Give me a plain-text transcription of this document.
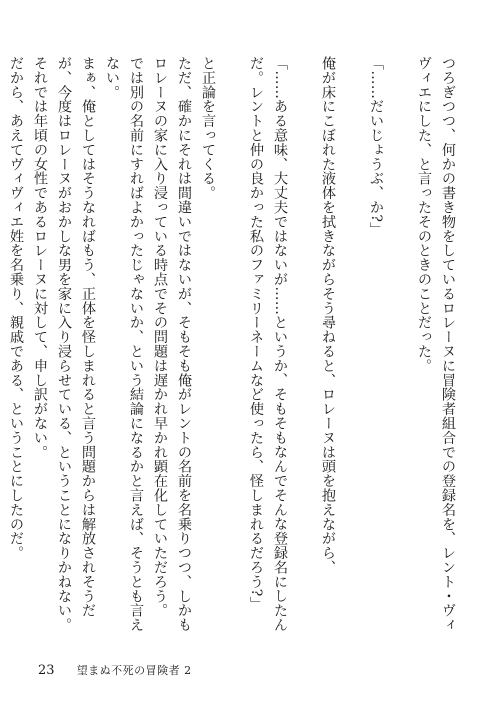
つろぎつつ、何かの書き物をしているロレーヌに冒険者組合での登録名を、レント・ヴィヴィエにした、と言ったそのときのことだった。

「……だいじょうぶ、か?」

俺が床にこぼれた液体を拭きながらそう尋ねると、ロレーヌは頭を抱えながら、

「……ある意味、大丈夫ではないが……というか、そもそもなんでそんな登録名にしたんだ。レントと仲の良かった私のファミリーネームなど使ったら、怪しまれるだろう?」

と正論を言ってくる。

ただ、確かにそれは間違いではないが、そもそも俺がレントの名前を名乗りつつ、しかもロレーヌの家に入り浸っている時点でその問題は遅かれ早かれ顕在化していただろう。

では別の名前にすればよかったじゃないか、という結論になるかと言えば、そうとも言えない。

まぁ、俺としてはそうなればもう、正体を怪しまれると言う問題からは解放されそうだが、今度はロレーヌがおかしな男を家に入り浸らせている、ということになりかねない。

それでは年頃の女性であるロレーヌに対して、申し訳がない。

だから、あえてヴィヴィエ姓を名乗り、親戚である、ということにしたのだ。

23 望まぬ不死の冒険者 2
